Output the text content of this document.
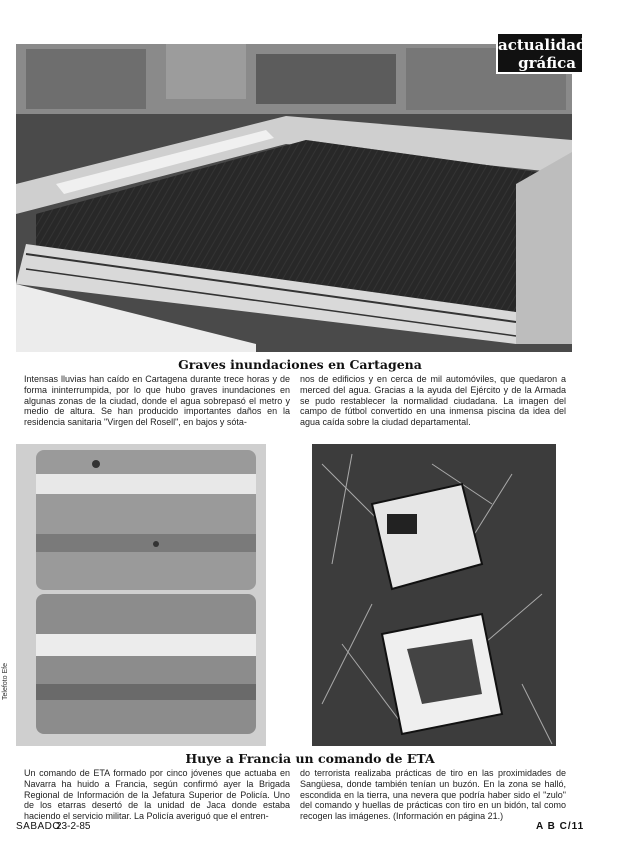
actualidad
gráfica
Graves inundaciones en Cartagena
Intensas lluvias han caído en Cartagena durante trece horas y de forma ininterrumpida, por lo que hubo graves inundaciones en algunas zonas de la ciudad, donde el agua sobrepasó el metro y medio de altura. Se han producido importantes daños en la residencia sanitaria "Virgen del Rosell", en bajos y sóta-
nos de edificios y en cerca de mil automóviles, que quedaron a merced del agua. Gracias a la ayuda del Ejército y de la Armada se pudo restablecer la normalidad ciudadana. La imagen del campo de fútbol convertido en una inmensa piscina da idea del agua caída sobre la ciudad departamental.
Telefoto Efe
Huye a Francia un comando de ETA
Un comando de ETA formado por cinco jóvenes que actuaba en Navarra ha huido a Francia, según confirmó ayer la Brigada Regional de Información de la Jefatura Superior de Policía. Uno de los etarras desertó de la unidad de Jaca donde estaba haciendo el servicio militar. La Policía averiguó que el entren-
do terrorista realizaba prácticas de tiro en las proximidades de Sangüesa, donde también tenían un buzón. En la zona se halló, escondida en la tierra, una nevera que podría haber sido el "zulo" del comando y huellas de prácticas con tiro en un bidón, tal como recogen las imágenes. (Información en página 21.)
SABADO
23-2-85	A B C/11
